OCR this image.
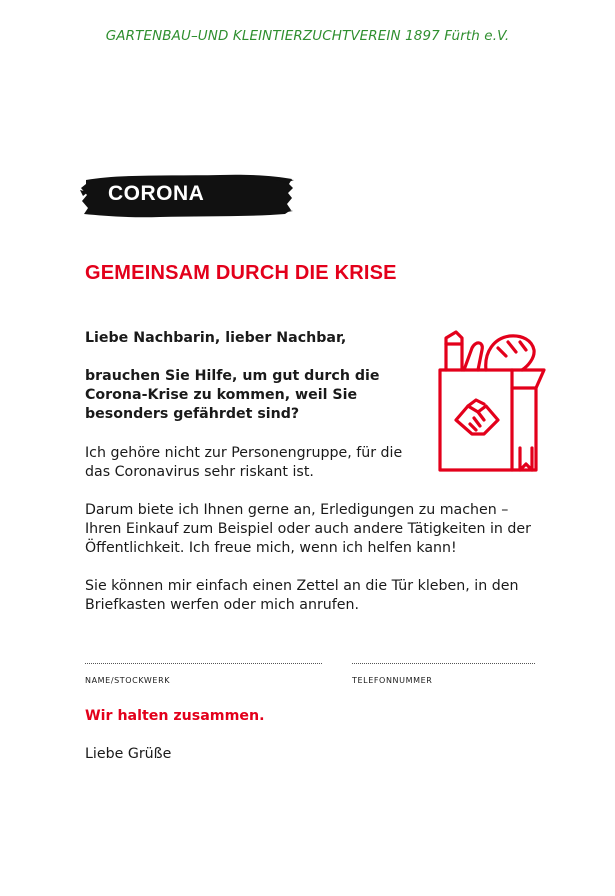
GARTENBAU–UND KLEINTIERZUCHTVEREIN 1897 Fürth e.V.
CORONA
GEMEINSAM DURCH DIE KRISE
Liebe Nachbarin, lieber Nachbar,
brauchen Sie Hilfe, um gut durch die Corona-Krise zu kommen, weil Sie besonders gefährdet sind?
Ich gehöre nicht zur Personengruppe, für die das Coronavirus sehr riskant ist.
Darum biete ich Ihnen gerne an, Erledigungen zu machen – Ihren Einkauf zum Beispiel oder auch andere Tätigkeiten in der Öffentlichkeit. Ich freue mich, wenn ich helfen kann!
Sie können mir einfach einen Zettel an die Tür kleben, in den Briefkasten werfen oder mich anrufen.
NAME/STOCKWERK	TELEFONNUMMER
Wir halten zusammen.
Liebe Grüße
